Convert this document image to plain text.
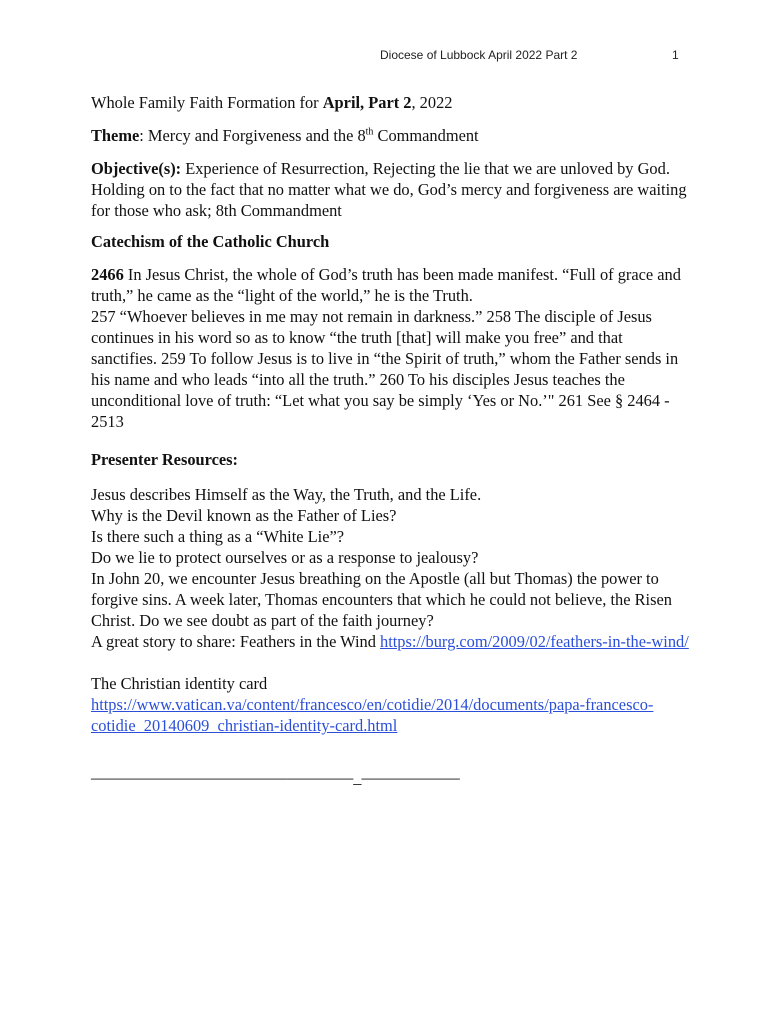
Diocese of Lubbock April 2022 Part 2	1

Whole Family Faith Formation for April, Part 2, 2022

Theme: Mercy and Forgiveness and the 8th Commandment

Objective(s): Experience of Resurrection, Rejecting the lie that we are unloved by God. Holding on to the fact that no matter what we do, God’s mercy and forgiveness are waiting for those who ask; 8th Commandment

Catechism of the Catholic Church

2466 In Jesus Christ, the whole of God’s truth has been made manifest. “Full of grace and truth,” he came as the “light of the world,” he is the Truth.
257 “Whoever believes in me may not remain in darkness.” 258 The disciple of Jesus continues in his word so as to know “the truth [that] will make you free” and that sanctifies. 259 To follow Jesus is to live in “the Spirit of truth,” whom the Father sends in his name and who leads “into all the truth.” 260 To his disciples Jesus teaches the unconditional love of truth: “Let what you say be simply ‘Yes or No.’" 261 See § 2464 - 2513

Presenter Resources:

Jesus describes Himself as the Way, the Truth, and the Life.

Why is the Devil known as the Father of Lies?

Is there such a thing as a “White Lie”?

Do we lie to protect ourselves or as a response to jealousy?

In John 20, we encounter Jesus breathing on the Apostle (all but Thomas) the power to forgive sins. A week later, Thomas encounters that which he could not believe, the Risen Christ. Do we see doubt as part of the faith journey?

A great story to share: Feathers in the Wind https://burg.com/2009/02/feathers-in-the-wind/

The Christian identity card

https://www.vatican.va/content/francesco/en/cotidie/2014/documents/papa-francesco-cotidie_20140609_christian-identity-card.html

————————————————_——————
